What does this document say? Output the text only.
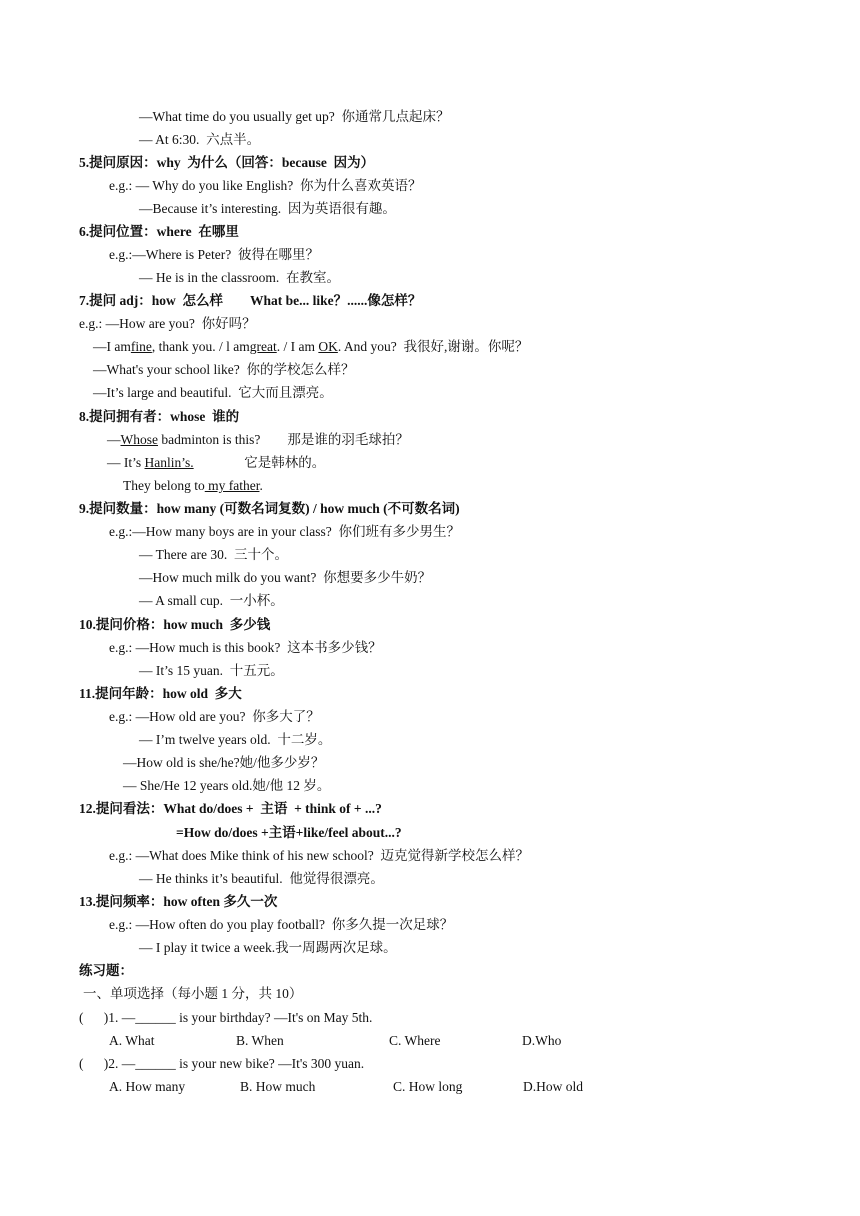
—What time do you usually get up?  你通常几点起床？
— At 6:30.  六点半。
5.提问原因：why  为什么（回答：because  因为）
e.g.: — Why do you like English?  你为什么喜欢英语？
—Because it’s interesting.  因为英语很有趣。
6.提问位置：where  在哪里
e.g.:—Where is Peter?  彼得在哪里？
— He is in the classroom.  在教室。
7.提问 adj：how  怎么样        What be... like？......像怎样？
e.g.: —How are you?  你好吗？
—I amfine, thank you. / l amgreat. / I am OK. And you?  我很好,谢谢。你呢？
—What's your school like?  你的学校怎么样？
—It’s large and beautiful.  它大而且漂亮。
8.提问拥有者：whose  谁的
—Whose badminton is this?        那是谁的羽毛球拍？
— It’s Hanlin’s.               它是韩林的。
They belong to my father.
9.提问数量：how many (可数名词复数) / how much (不可数名词)
e.g.:—How many boys are in your class?  你们班有多少男生？
— There are 30.  三十个。
—How much milk do you want?  你想要多少牛奶？
— A small cup.  一小杯。
10.提问价格：how much  多少钱
e.g.: —How much is this book?  这本书多少钱？
— It’s 15 yuan.  十五元。
11.提问年龄：how old  多大
e.g.: —How old are you?  你多大了？
— I’m twelve years old.  十二岁。
—How old is she/he?她/他多少岁？
— She/He 12 years old.她/他 12 岁。
12.提问看法：What do/does +  主语  + think of + ...?
=How do/does +主语+like/feel about...?
e.g.: —What does Mike think of his new school?  迈克觉得新学校怎么样？
— He thinks it’s beautiful.  他觉得很漂亮。
13.提问频率：how often 多久一次
e.g.: —How often do you play football?  你多久提一次足球？
— I play it twice a week.我一周踢两次足球。
练习题：
一、单项选择（每小题 1 分，共 10）
(      )1. —______ is your birthday? —It's on May 5th.
A. What	B. When	C. Where	D.Who
(      )2. —______ is your new bike? —It's 300 yuan.
A. How many	B. How much	C. How long	D.How old
